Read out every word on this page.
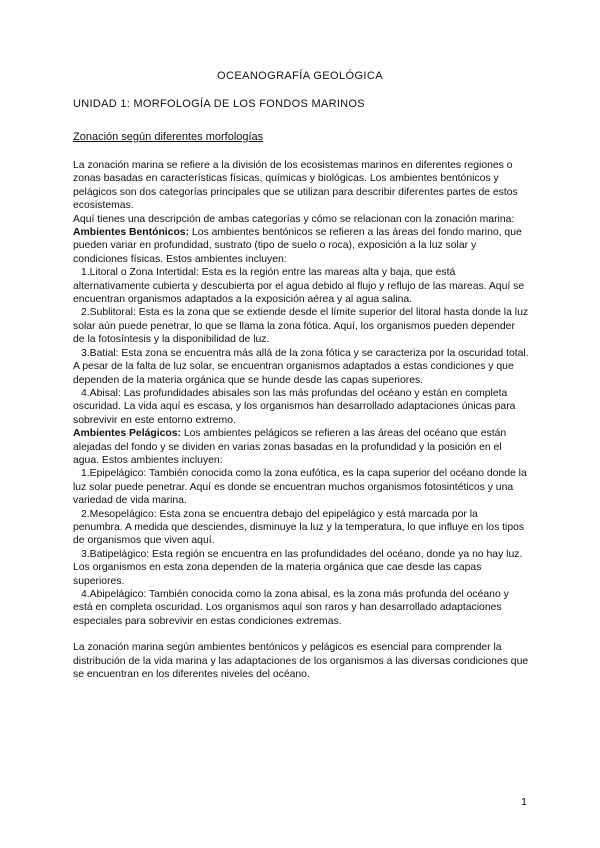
OCEANOGRAFÍA GEOLÓGICA
UNIDAD 1: MORFOLOGÍA DE LOS FONDOS MARINOS
Zonación según diferentes morfologías

La zonación marina se refiere a la división de los ecosistemas marinos en diferentes regiones o zonas basadas en características físicas, químicas y biológicas. Los ambientes bentónicos y pelágicos son dos categorías principales que se utilizan para describir diferentes partes de estos ecosistemas.

Aquí tienes una descripción de ambas categorías y cómo se relacionan con la zonación marina:

Ambientes Bentónicos: Los ambientes bentónicos se refieren a las áreas del fondo marino, que pueden variar en profundidad, sustrato (tipo de suelo o roca), exposición a la luz solar y condiciones físicas. Estos ambientes incluyen:

1.Litoral o Zona Intertidal: Esta es la región entre las mareas alta y baja, que está alternativamente cubierta y descubierta por el agua debido al flujo y reflujo de las mareas. Aquí se encuentran organismos adaptados a la exposición aérea y al agua salina.

2.Sublitoral: Esta es la zona que se extiende desde el límite superior del litoral hasta donde la luz solar aún puede penetrar, lo que se llama la zona fótica. Aquí, los organismos pueden depender de la fotosíntesis y la disponibilidad de luz.

3.Batial: Esta zona se encuentra más allá de la zona fótica y se caracteriza por la oscuridad total. A pesar de la falta de luz solar, se encuentran organismos adaptados a estas condiciones y que dependen de la materia orgánica que se hunde desde las capas superiores.

4.Abisal: Las profundidades abisales son las más profundas del océano y están en completa oscuridad. La vida aquí es escasa, y los organismos han desarrollado adaptaciones únicas para sobrevivir en este entorno extremo.

Ambientes Pelágicos: Los ambientes pelágicos se refieren a las áreas del océano que están alejadas del fondo y se dividen en varias zonas basadas en la profundidad y la posición en el agua. Estos ambientes incluyen:

1.Epipelágico: También conocida como la zona eufótica, es la capa superior del océano donde la luz solar puede penetrar. Aquí es donde se encuentran muchos organismos fotosintéticos y una variedad de vida marina.

2.Mesopelágico: Esta zona se encuentra debajo del epipelágico y está marcada por la penumbra. A medida que desciendes, disminuye la luz y la temperatura, lo que influye en los tipos de organismos que viven aquí.

3.Batipelágico: Esta región se encuentra en las profundidades del océano, donde ya no hay luz. Los organismos en esta zona dependen de la materia orgánica que cae desde las capas superiores.

4.Abipelágico: También conocida como la zona abisal, es la zona más profunda del océano y está en completa oscuridad. Los organismos aquí son raros y han desarrollado adaptaciones especiales para sobrevivir en estas condiciones extremas.

La zonación marina según ambientes bentónicos y pelágicos es esencial para comprender la distribución de la vida marina y las adaptaciones de los organismos a las diversas condiciones que se encuentran en los diferentes niveles del océano.

1
